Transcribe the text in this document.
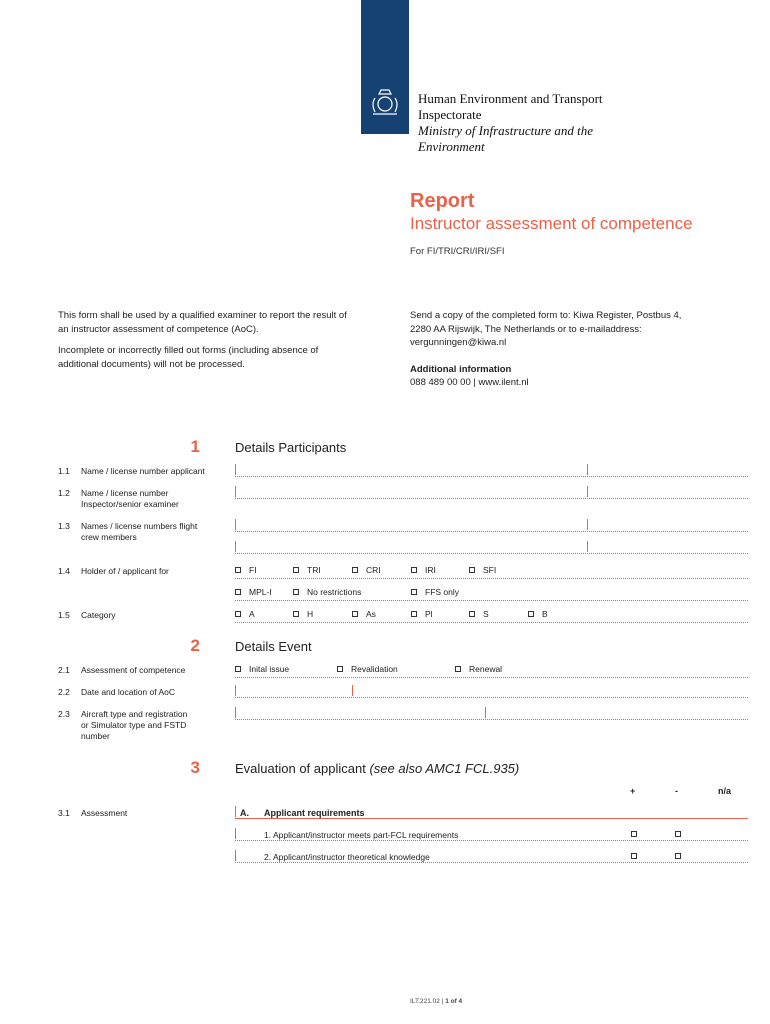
Human Environment and Transport
Inspectorate
Ministry of Infrastructure and the
Environment
Report
Instructor assessment of competence
For FI/TRI/CRI/IRI/SFI
This form shall be used by a qualified examiner to report the result of
an instructor assessment of competence (AoC).
Incomplete or incorrectly filled out forms (including absence of
additional documents) will not be processed.
Send a copy of the completed form to: Kiwa Register, Postbus 4,
2280 AA Rijswijk, The Netherlands or to e-mailaddress:
vergunningen@kiwa.nl
Additional information
088 489 00 00 | www.ilent.nl
1	Details Participants
1.1 Name / license number applicant
1.2 Name / license number
Inspector/senior examiner
1.3 Names / license numbers flight
crew members
1.4 Holder of / applicant for	FI	TRI	CRI	IRI	SFI
MPL-I	No restrictions	FFS only
1.5 Category	A	H	As	Pl	S	B
2	Details Event
2.1 Assessment of competence	Inital issue	Revalidation	Renewal
2.2 Date and location of AoC
2.3 Aircraft type and registration
or Simulator type and FSTD
number
3	Evaluation of applicant (see also AMC1 FCL.935)
+	-	n/a
3.1 Assessment	A. Applicant requirements
1. Applicant/instructor meets part-FCL requirements
2. Applicant/instructor theoretical knowledge
ILT.221.02 | 1 of 4
